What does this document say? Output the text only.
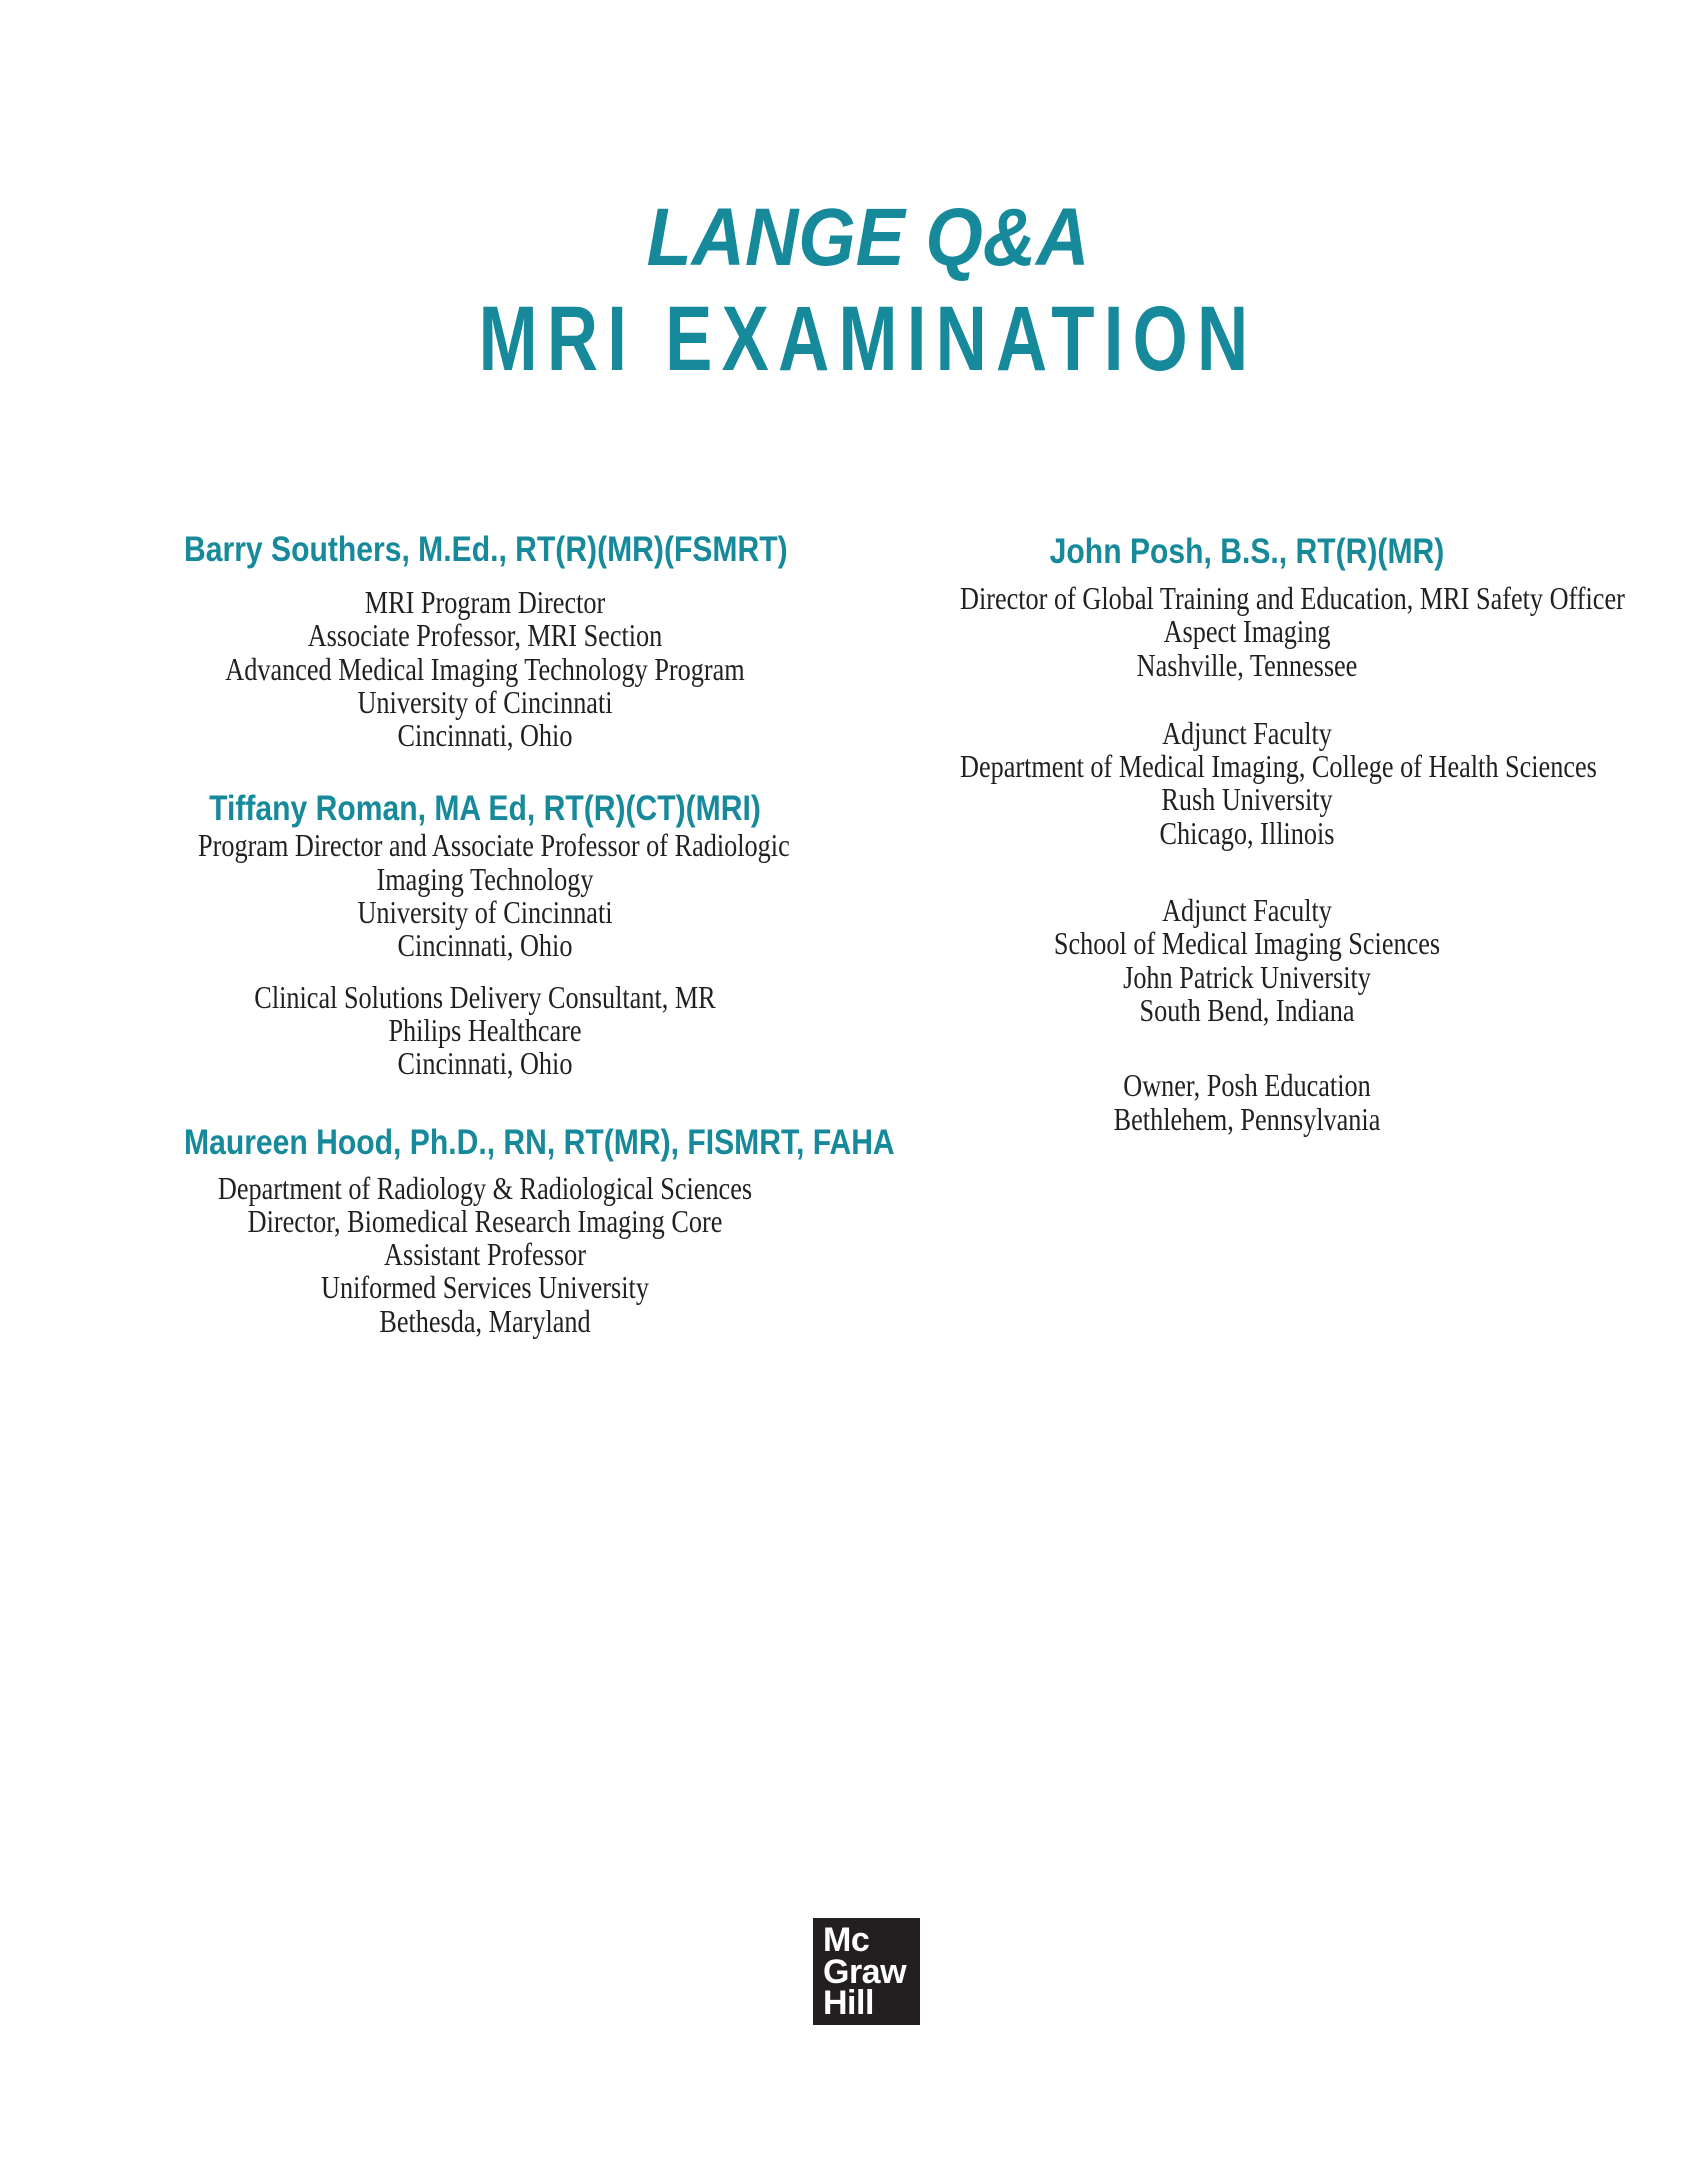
LANGE Q&A
MRI EXAMINATION
Barry Southers, M.Ed., RT(R)(MR)(FSMRT)
MRI Program Director
Associate Professor, MRI Section
Advanced Medical Imaging Technology Program
University of Cincinnati
Cincinnati, Ohio
Tiffany Roman, MA Ed, RT(R)(CT)(MRI)
Program Director and Associate Professor of Radiologic
Imaging Technology
University of Cincinnati
Cincinnati, Ohio
Clinical Solutions Delivery Consultant, MR
Philips Healthcare
Cincinnati, Ohio
Maureen Hood, Ph.D., RN, RT(MR), FISMRT, FAHA
Department of Radiology & Radiological Sciences
Director, Biomedical Research Imaging Core
Assistant Professor
Uniformed Services University
Bethesda, Maryland
John Posh, B.S., RT(R)(MR)
Director of Global Training and Education, MRI Safety Officer
Aspect Imaging
Nashville, Tennessee
Adjunct Faculty
Department of Medical Imaging, College of Health Sciences
Rush University
Chicago, Illinois
Adjunct Faculty
School of Medical Imaging Sciences
John Patrick University
South Bend, Indiana
Owner, Posh Education
Bethlehem, Pennsylvania
Mc
Graw
Hill
